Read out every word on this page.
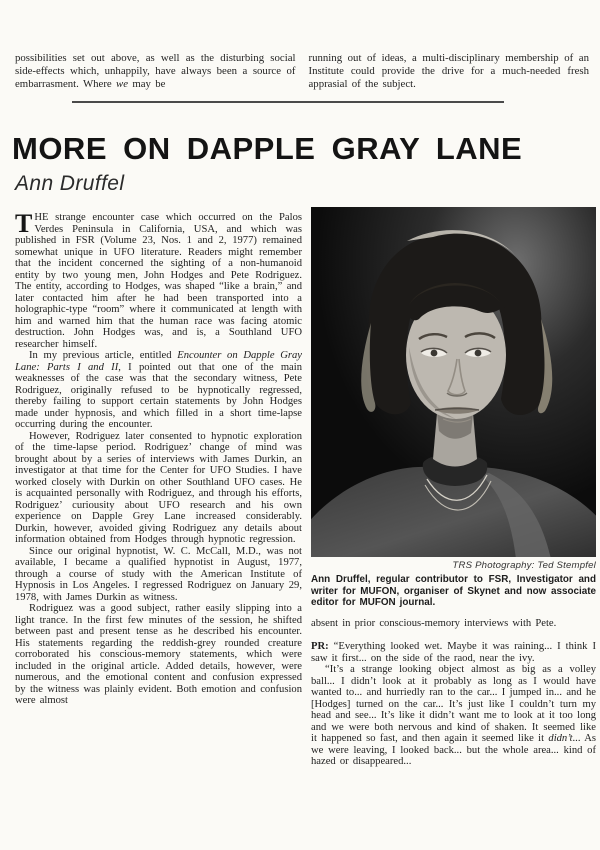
possibilities set out above, as well as the disturbing social side-effects which, unhappily, have always been a source of embarrasment. Where we may be

running out of ideas, a multi-disciplinary membership of an Institute could provide the drive for a much-needed fresh apprasial of the subject.

MORE ON DAPPLE GRAY LANE
Ann Druffel

THE strange encounter case which occurred on the Palos Verdes Peninsula in California, USA, and which was published in FSR (Volume 23, Nos. 1 and 2, 1977) remained somewhat unique in UFO literature. Readers might remember that the incident concerned the sighting of a non-humanoid entity by two young men, John Hodges and Pete Rodriguez. The entity, according to Hodges, was shaped “like a brain,” and later contacted him after he had been transported into a holographic-type “room” where it communicated at length with him and warned him that the human race was facing atomic destruction. John Hodges was, and is, a Southland UFO researcher himself.

In my previous article, entitled Encounter on Dapple Gray Lane: Parts I and II, I pointed out that one of the main weaknesses of the case was that the secondary witness, Pete Rodriguez, originally refused to be hypnotically regressed, thereby failing to support certain statements by John Hodges made under hypnosis, and which filled in a short time-lapse occurring during the encounter.

However, Rodriguez later consented to hypnotic exploration of the time-lapse period. Rodriguez’ change of mind was brought about by a series of interviews with James Durkin, an investigator at that time for the Center for UFO Studies. I have worked closely with Durkin on other Southland UFO cases. He is acquainted personally with Rodriguez, and through his efforts, Rodriguez’ curiousity about UFO research and his own experience on Dapple Grey Lane increased considerably. Durkin, however, avoided giving Rodriguez any details about information obtained from Hodges through hypnotic regression.

Since our original hypnotist, W. C. McCall, M.D., was not available, I became a qualified hypnotist in August, 1977, through a course of study with the American Institute of Hypnosis in Los Angeles. I regressed Rodriguez on January 29, 1978, with James Durkin as witness.

Rodriguez was a good subject, rather easily slipping into a light trance. In the first few minutes of the session, he shifted between past and present tense as he described his encounter. His statements regarding the reddish-grey rounded creature corroborated his conscious-memory statements, which were included in the original article. Added details, however, were numerous, and the emotional content and confusion expressed by the witness was plainly evident. Both emotion and confusion were almost

TRS Photography: Ted Stempfel
Ann Druffel, regular contributor to FSR, Investigator and writer for MUFON, organiser of Skynet and now associate editor for MUFON journal.

absent in prior conscious-memory interviews with Pete.

PR: “Everything looked wet. Maybe it was raining... I think I saw it first... on the side of the raod, near the ivy.

“It’s a strange looking object almost as big as a volley ball... I didn’t look at it probably as long as I would have wanted to... and hurriedly ran to the car... I jumped in... and he [Hodges] turned on the car... It’s just like I couldn’t turn my head and see... It’s like it didn’t want me to look at it too long and we were both nervous and kind of shaken. It seemed like it happened so fast, and then again it seemed like it didn’t... As we were leaving, I looked back... but the whole area... kind of hazed or disappeared...
